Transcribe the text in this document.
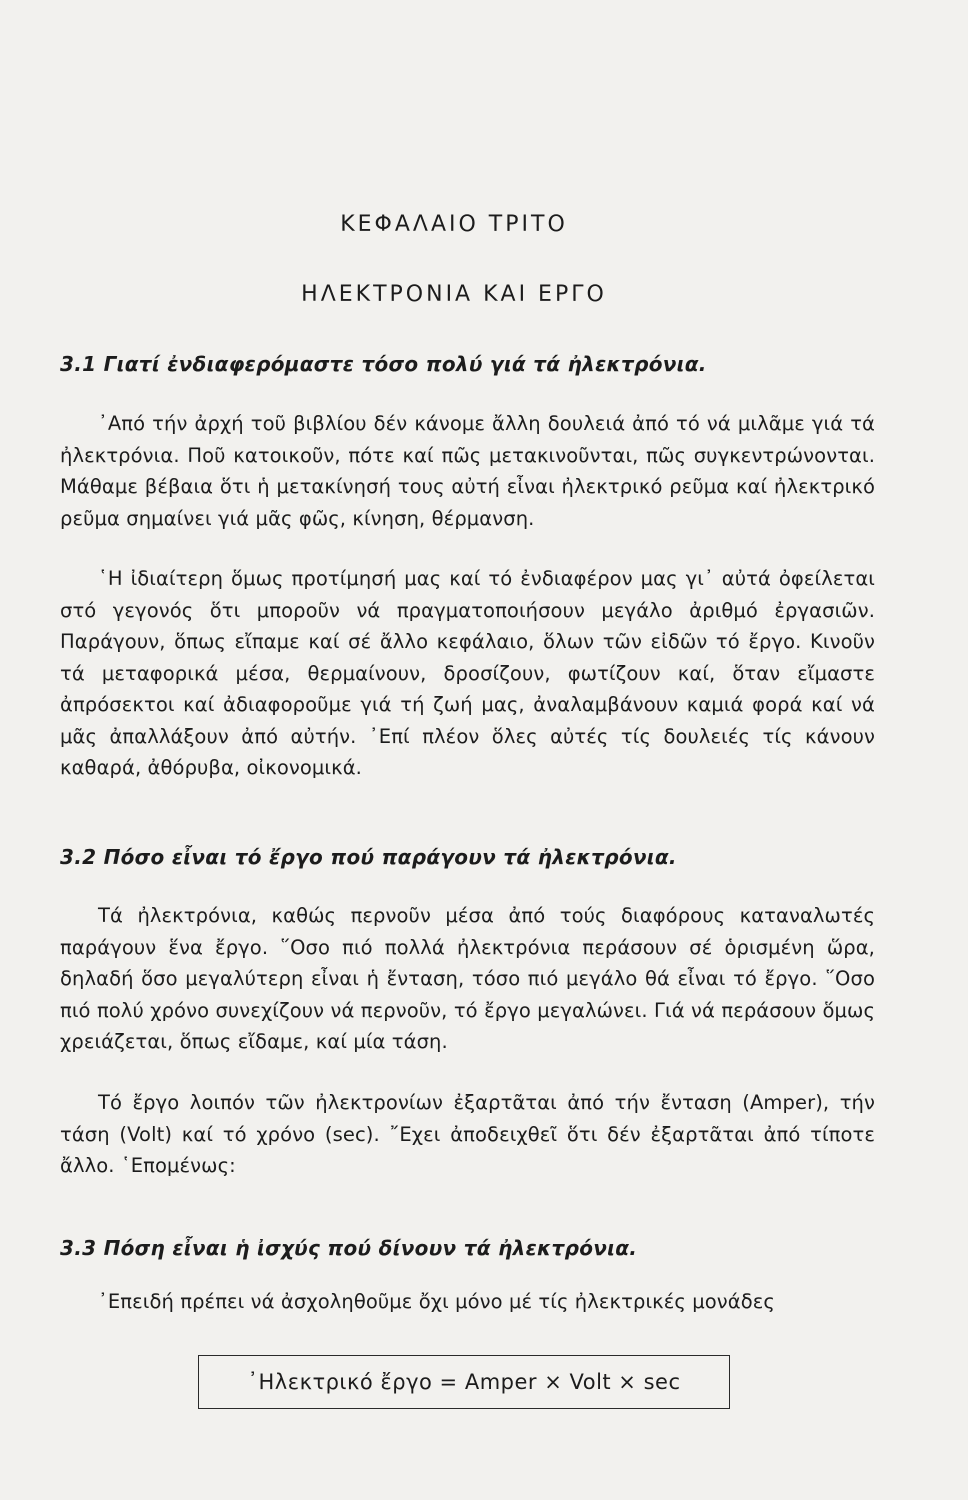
ΚΕΦΑΛΑΙΟ ΤΡΙΤΟ
ΗΛΕΚΤΡΟΝΙΑ ΚΑΙ ΕΡΓΟ
3.1 Γιατί ἐνδιαφερόμαστε τόσο πολύ γιά τά ἠλεκτρόνια.

᾿Από τήν ἀρχή τοῦ βιβλίου δέν κάνομε ἄλλη δουλειά ἀπό τό νά μιλᾶμε γιά τά ἠλεκτρόνια. Ποῦ κατοικοῦν, πότε καί πῶς μετακινοῦνται, πῶς συγκεντρώνονται. Μάθαμε βέβαια ὅτι ἡ μετακίνησή τους αὐτή εἶναι ἠλεκτρικό ρεῦμα καί ἠλεκτρικό ρεῦμα σημαίνει γιά μᾶς φῶς, κίνηση, θέρμανση.

῾Η ἰδιαίτερη ὅμως προτίμησή μας καί τό ἐνδιαφέρον μας γι᾿ αὐτά ὀφείλεται στό γεγονός ὅτι μποροῦν νά πραγματοποιήσουν μεγάλο ἀριθμό ἐργασιῶν. Παράγουν, ὅπως εἴπαμε καί σέ ἄλλο κεφάλαιο, ὅλων τῶν εἰδῶν τό ἔργο. Κινοῦν τά μεταφορικά μέσα, θερμαίνουν, δροσίζουν, φωτίζουν καί, ὅταν εἴμαστε ἀπρόσεκτοι καί ἀδιαφοροῦμε γιά τή ζωή μας, ἀναλαμβάνουν καμιά φορά καί νά μᾶς ἀπαλλάξουν ἀπό αὐτήν. ᾿Επί πλέον ὅλες αὐτές τίς δουλειές τίς κάνουν καθαρά, ἀθόρυβα, οἰκονομικά.

3.2 Πόσο εἶναι τό ἔργο πού παράγουν τά ἠλεκτρόνια.

Τά ἠλεκτρόνια, καθώς περνοῦν μέσα ἀπό τούς διαφόρους καταναλωτές παράγουν ἕνα ἔργο. ῞Οσο πιό πολλά ἠλεκτρόνια περάσουν σέ ὁρισμένη ὥρα, δηλαδή ὅσο μεγαλύτερη εἶναι ἡ ἔνταση, τόσο πιό μεγάλο θά εἶναι τό ἔργο. ῞Οσο πιό πολύ χρόνο συνεχίζουν νά περνοῦν, τό ἔργο μεγαλώνει. Γιά νά περάσουν ὅμως χρειάζεται, ὅπως εἴδαμε, καί μία τάση.

Τό ἔργο λοιπόν τῶν ἠλεκτρονίων ἐξαρτᾶται ἀπό τήν ἔνταση (Amper), τήν τάση (Volt) καί τό χρόνο (sec). ῎Εχει ἀποδειχθεῖ ὅτι δέν ἐξαρτᾶται ἀπό τίποτε ἄλλο. ῾Επομένως:

3.3 Πόση εἶναι ἡ ἰσχύς πού δίνουν τά ἠλεκτρόνια.

᾿Επειδή πρέπει νά ἀσχοληθοῦμε ὄχι μόνο μέ τίς ἠλεκτρικές μονάδες

᾿Ηλεκτρικό ἔργο = Amper × Volt × sec
